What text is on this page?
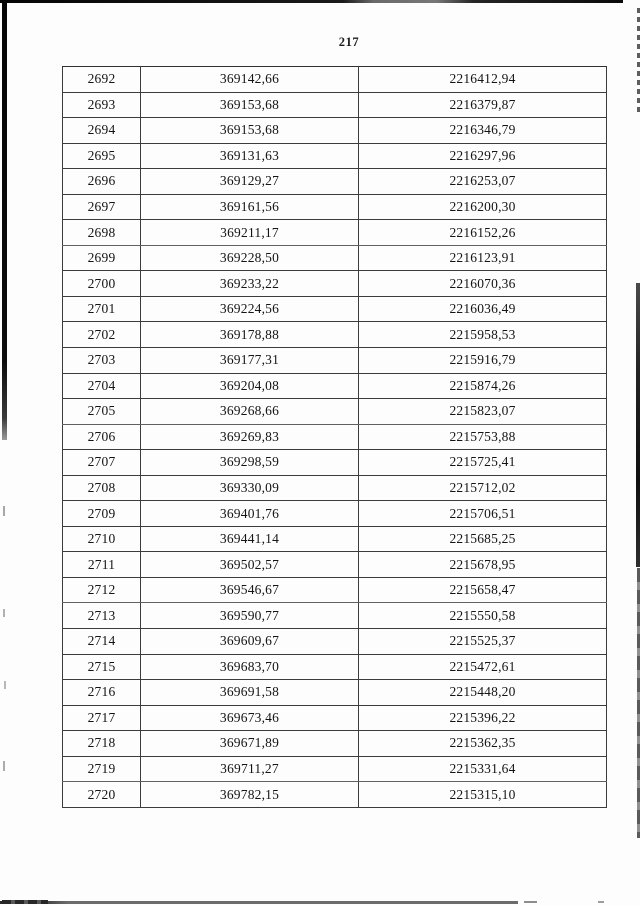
217
2692	369142,66	2216412,94
2693	369153,68	2216379,87
2694	369153,68	2216346,79
2695	369131,63	2216297,96
2696	369129,27	2216253,07
2697	369161,56	2216200,30
2698	369211,17	2216152,26
2699	369228,50	2216123,91
2700	369233,22	2216070,36
2701	369224,56	2216036,49
2702	369178,88	2215958,53
2703	369177,31	2215916,79
2704	369204,08	2215874,26
2705	369268,66	2215823,07
2706	369269,83	2215753,88
2707	369298,59	2215725,41
2708	369330,09	2215712,02
2709	369401,76	2215706,51
2710	369441,14	2215685,25
2711	369502,57	2215678,95
2712	369546,67	2215658,47
2713	369590,77	2215550,58
2714	369609,67	2215525,37
2715	369683,70	2215472,61
2716	369691,58	2215448,20
2717	369673,46	2215396,22
2718	369671,89	2215362,35
2719	369711,27	2215331,64
2720	369782,15	2215315,10
